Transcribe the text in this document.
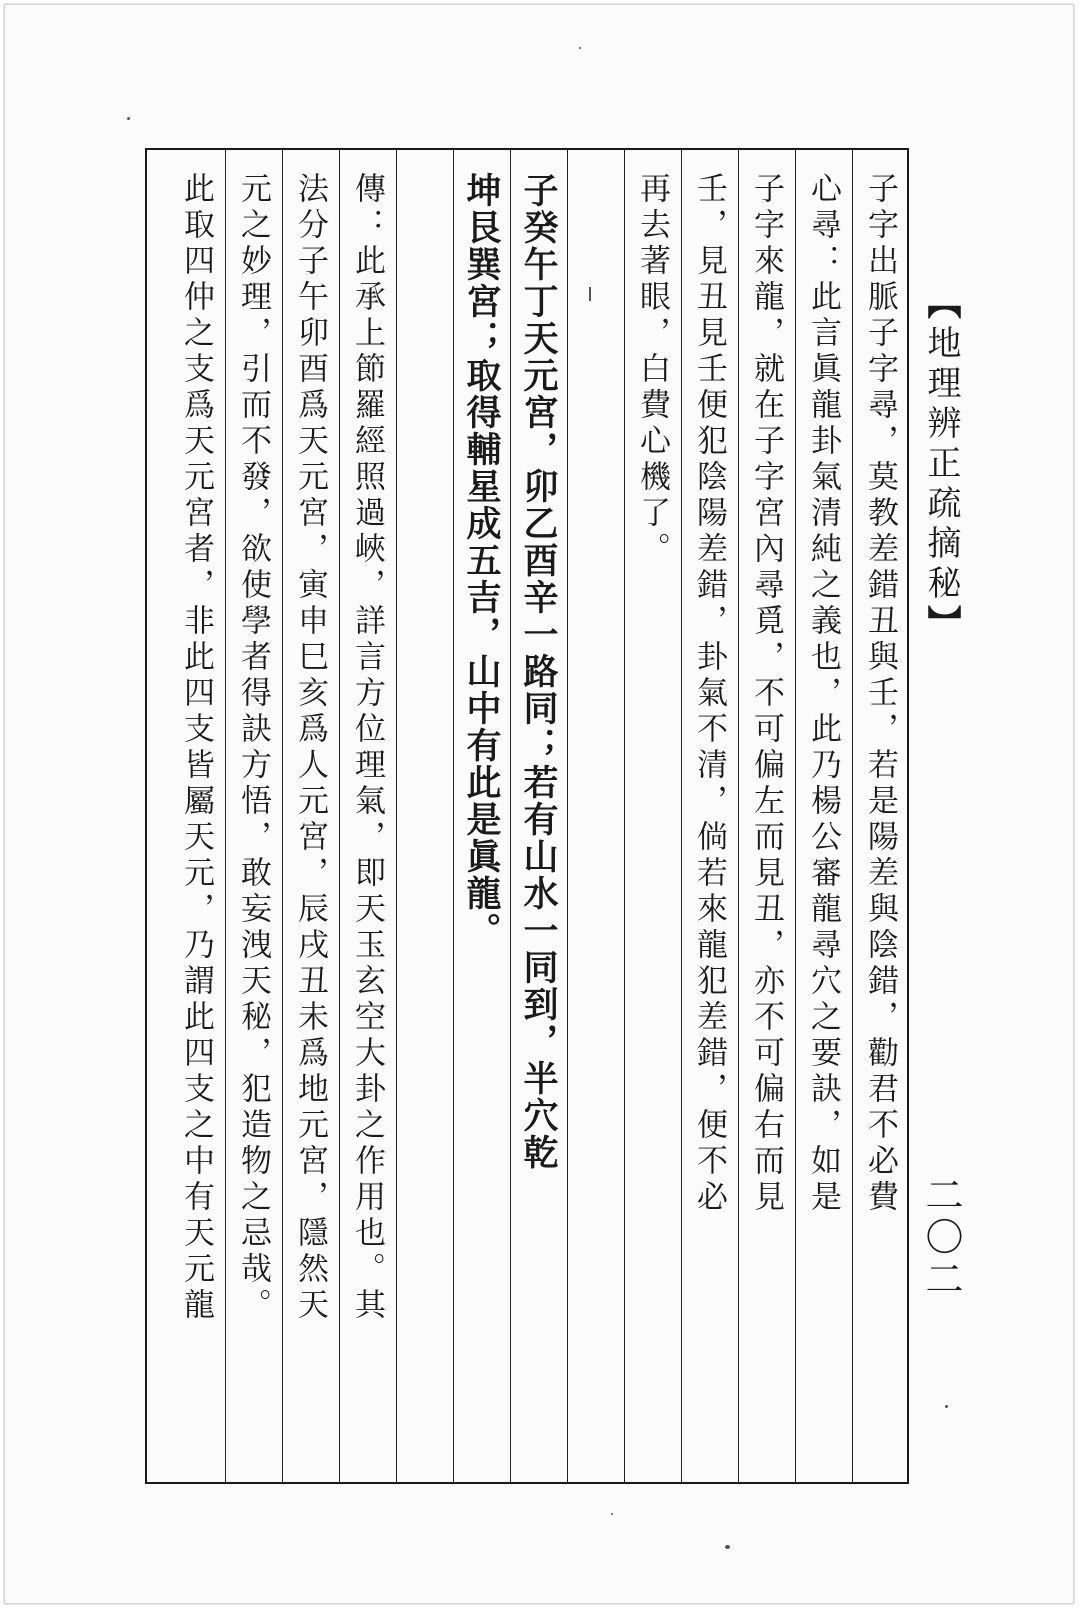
【地理辨正疏摘秘】
二〇二
子字出脈子字尋，莫教差錯丑與壬，若是陽差與陰錯，勸君不必費
心尋：此言眞龍卦氣清純之義也，此乃楊公審龍尋穴之要訣，如是
子字來龍，就在子字宮內尋覓，不可偏左而見丑，亦不可偏右而見
壬，見丑見壬便犯陰陽差錯，卦氣不清，倘若來龍犯差錯，便不必
再去著眼，白費心機了。
子癸午丁天元宮，卯乙酉辛一路同；若有山水一同到，半穴乾
坤艮巽宮；取得輔星成五吉，山中有此是眞龍。
傳：此承上節羅經照過峽，詳言方位理氣，即天玉玄空大卦之作用也。其
法分子午卯酉爲天元宮，寅申巳亥爲人元宮，辰戌丑未爲地元宮，隱然天
元之妙理，引而不發，欲使學者得訣方悟，敢妄洩天秘，犯造物之忌哉。
此取四仲之支爲天元宮者，非此四支皆屬天元，乃謂此四支之中有天元龍
